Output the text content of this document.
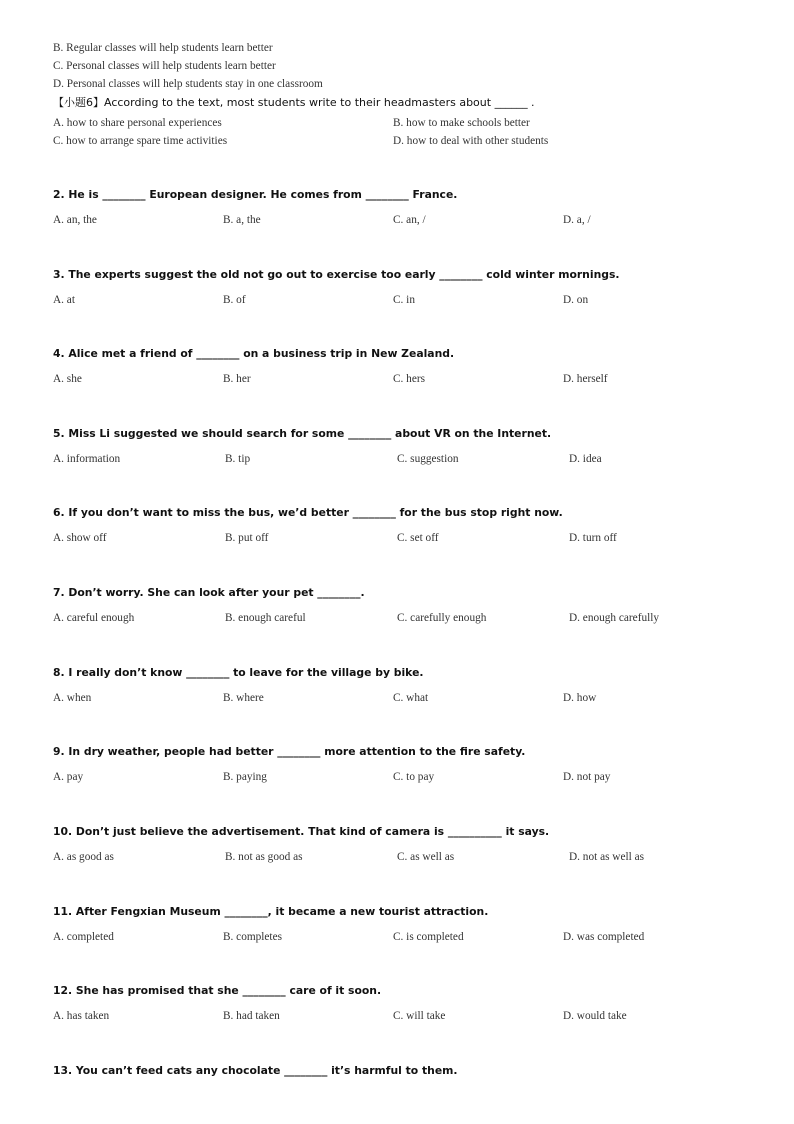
B. Regular classes will help students learn better
C. Personal classes will help students learn better
D. Personal classes will help students stay in one classroom
【小题6】According to the text, most students write to their headmasters about ______ .
A. how to share personal experiences	B. how to make schools better
C. how to arrange spare time activities	D. how to deal with other students
2. He is ________ European designer. He comes from ________ France.
A. an, the	B. a, the	C. an, /	D. a, /
3. The experts suggest the old not go out to exercise too early ________ cold winter mornings.
A. at	B. of	C. in	D. on
4. Alice met a friend of ________ on a business trip in New Zealand.
A. she	B. her	C. hers	D. herself
5. Miss Li suggested we should search for some ________ about VR on the Internet.
A. information	B. tip	C. suggestion	D. idea
6. If you don’t want to miss the bus, we’d better ________ for the bus stop right now.
A. show off	B. put off	C. set off	D. turn off
7. Don’t worry. She can look after your pet ________.
A. careful enough	B. enough careful	C. carefully enough	D. enough carefully
8. I really don’t know ________ to leave for the village by bike.
A. when	B. where	C. what	D. how
9. In dry weather, people had better ________ more attention to the fire safety.
A. pay	B. paying	C. to pay	D. not pay
10. Don’t just believe the advertisement. That kind of camera is __________ it says.
A. as good as	B. not as good as	C. as well as	D. not as well as
11. After Fengxian Museum ________, it became a new tourist attraction.
A. completed	B. completes	C. is completed	D. was completed
12. She has promised that she ________ care of it soon.
A. has taken	B. had taken	C. will take	D. would take
13. You can’t feed cats any chocolate ________ it’s harmful to them.
